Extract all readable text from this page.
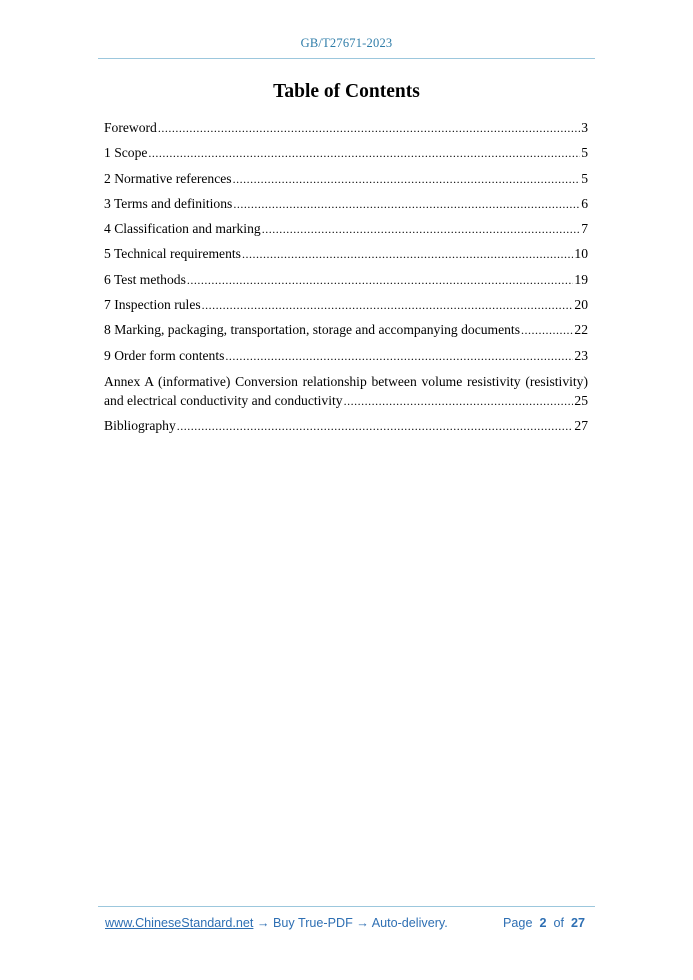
GB/T27671-2023
Table of Contents
Foreword .....	3
1 Scope .....	5
2 Normative references .....	5
3 Terms and definitions .....	6
4 Classification and marking .....	7
5 Technical requirements .....	10
6 Test methods .....	19
7 Inspection rules .....	20
8 Marking, packaging, transportation, storage and accompanying documents .....	22
9 Order form contents .....	23
Annex A (informative) Conversion relationship between volume resistivity (resistivity)
and electrical conductivity and conductivity .....	25
Bibliography .....	27
www.ChineseStandard.net → Buy True-PDF → Auto-delivery.	Page 2 of 27
